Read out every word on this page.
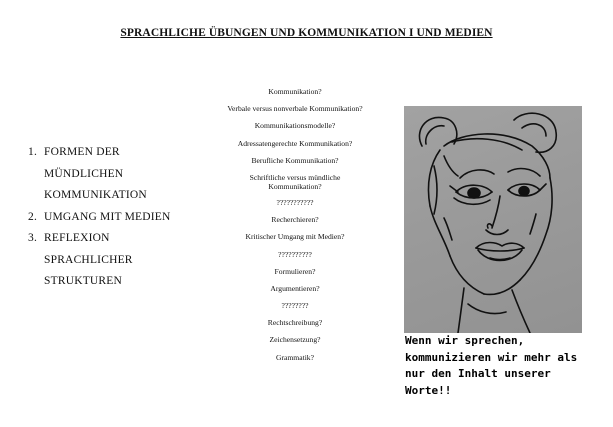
SPRACHLICHE ÜBUNGEN UND KOMMUNIKATION I UND MEDIEN
1. FORMEN DER
MÜNDLICHEN
KOMMUNIKATION
2. UMGANG MIT MEDIEN
3. REFLEXION
SPRACHLICHER
STRUKTUREN
Kommunikation?
Verbale versus nonverbale Kommunikation?
Kommunikationsmodelle?
Adressatengerechte Kommunikation?
Berufliche Kommunikation?
Schriftliche versus mündliche
Kommunikation?
???????????
Recherchieren?
Kritischer Umgang mit Medien?
??????????
Formulieren?
Argumentieren?
????????
Rechtschreibung?
Zeichensetzung?
Grammatik?
Wenn wir sprechen,
kommunizieren wir mehr als
nur den Inhalt unserer
Worte!!
